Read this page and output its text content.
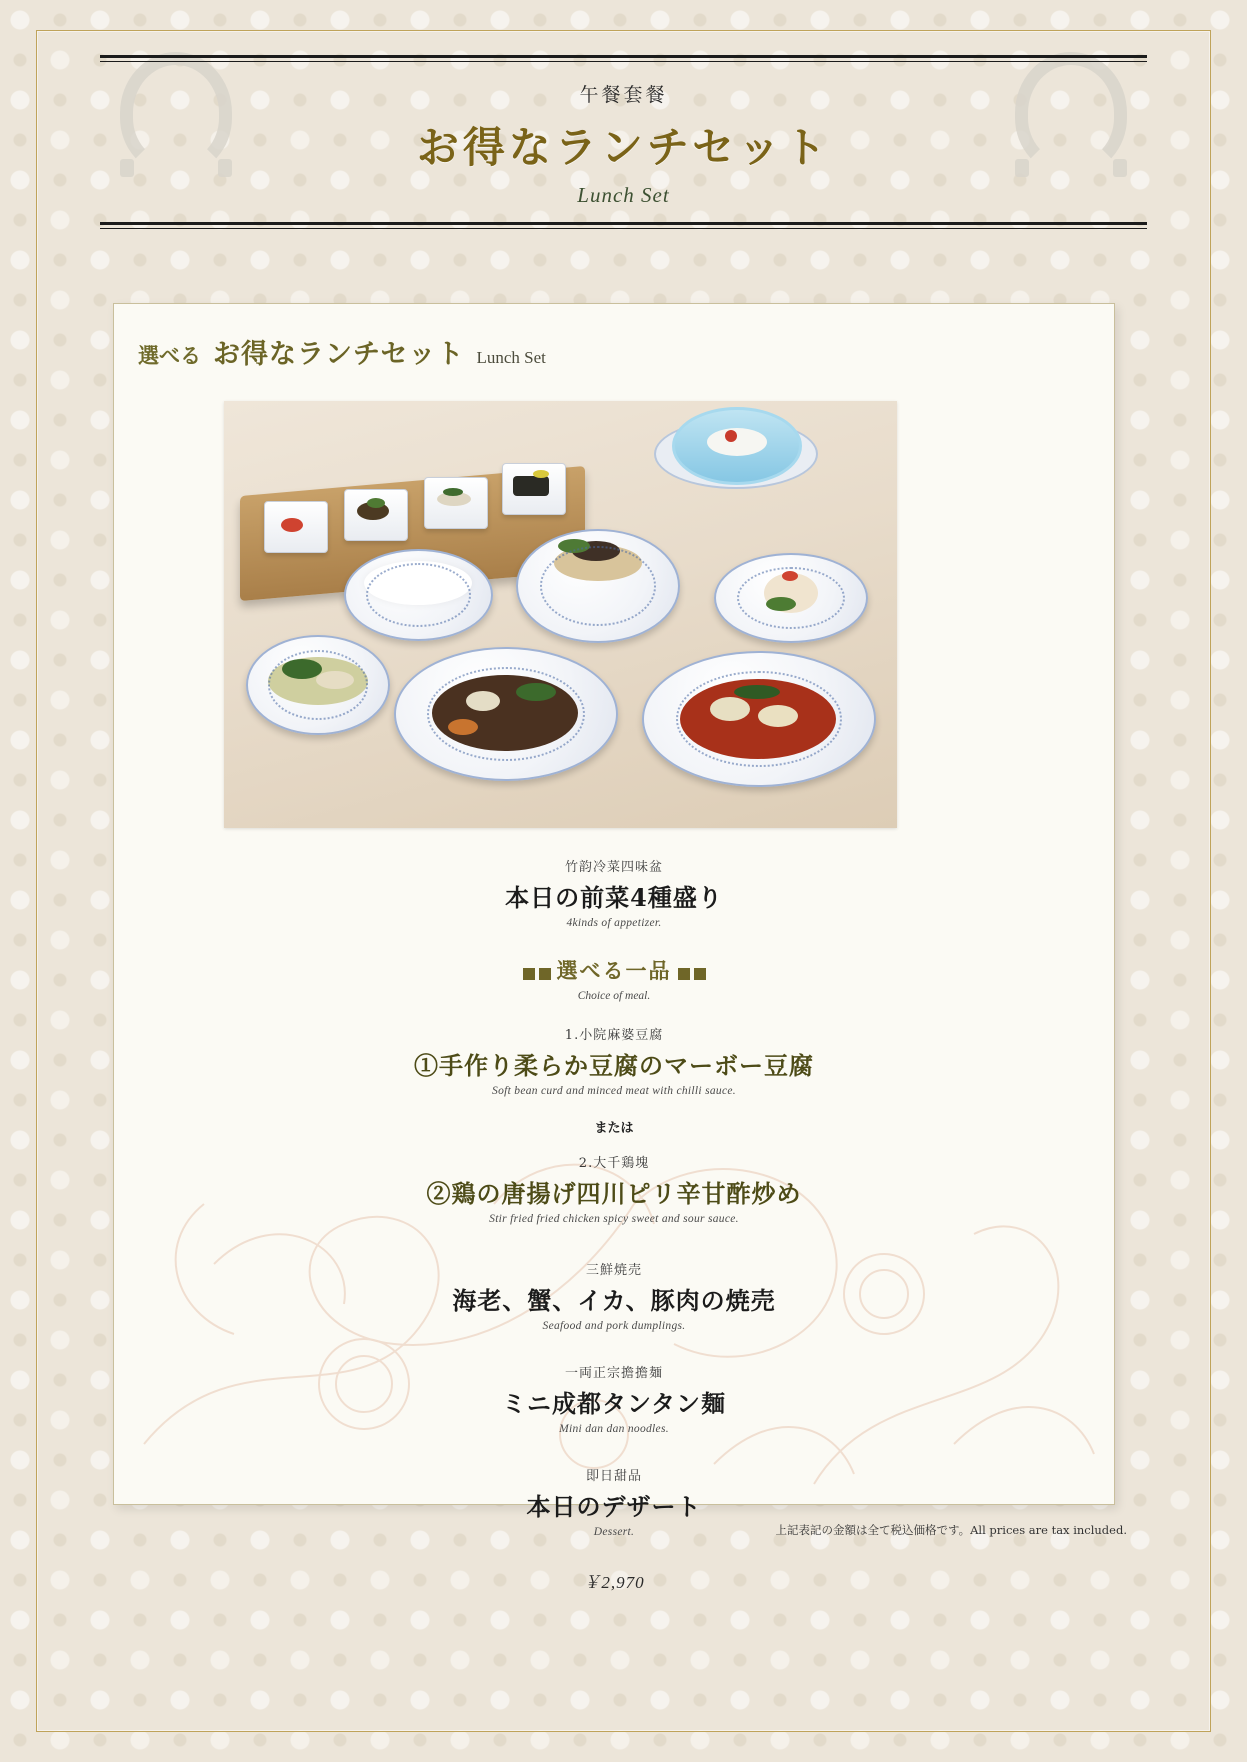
午餐套餐
お得なランチセット
Lunch Set
選べる お得なランチセット Lunch Set
竹韵冷菜四味盆
本日の前菜4種盛り
4kinds of appetizer.
選べる一品
Choice of meal.
1.小院麻婆豆腐
①手作り柔らか豆腐のマーボー豆腐
Soft bean curd and minced meat with chilli sauce.
または
2.大千鶏塊
②鶏の唐揚げ四川ピリ辛甘酢炒め
Stir fried fried chicken spicy sweet and sour sauce.
三鮮焼売
海老、蟹、イカ、豚肉の焼売
Seafood and pork dumplings.
一両正宗擔擔麺
ミニ成都タンタン麺
Mini dan dan noodles.
即日甜品
本日のデザート
Dessert.
￥2,970
上記表記の金額は全て税込価格です。All prices are tax included.
